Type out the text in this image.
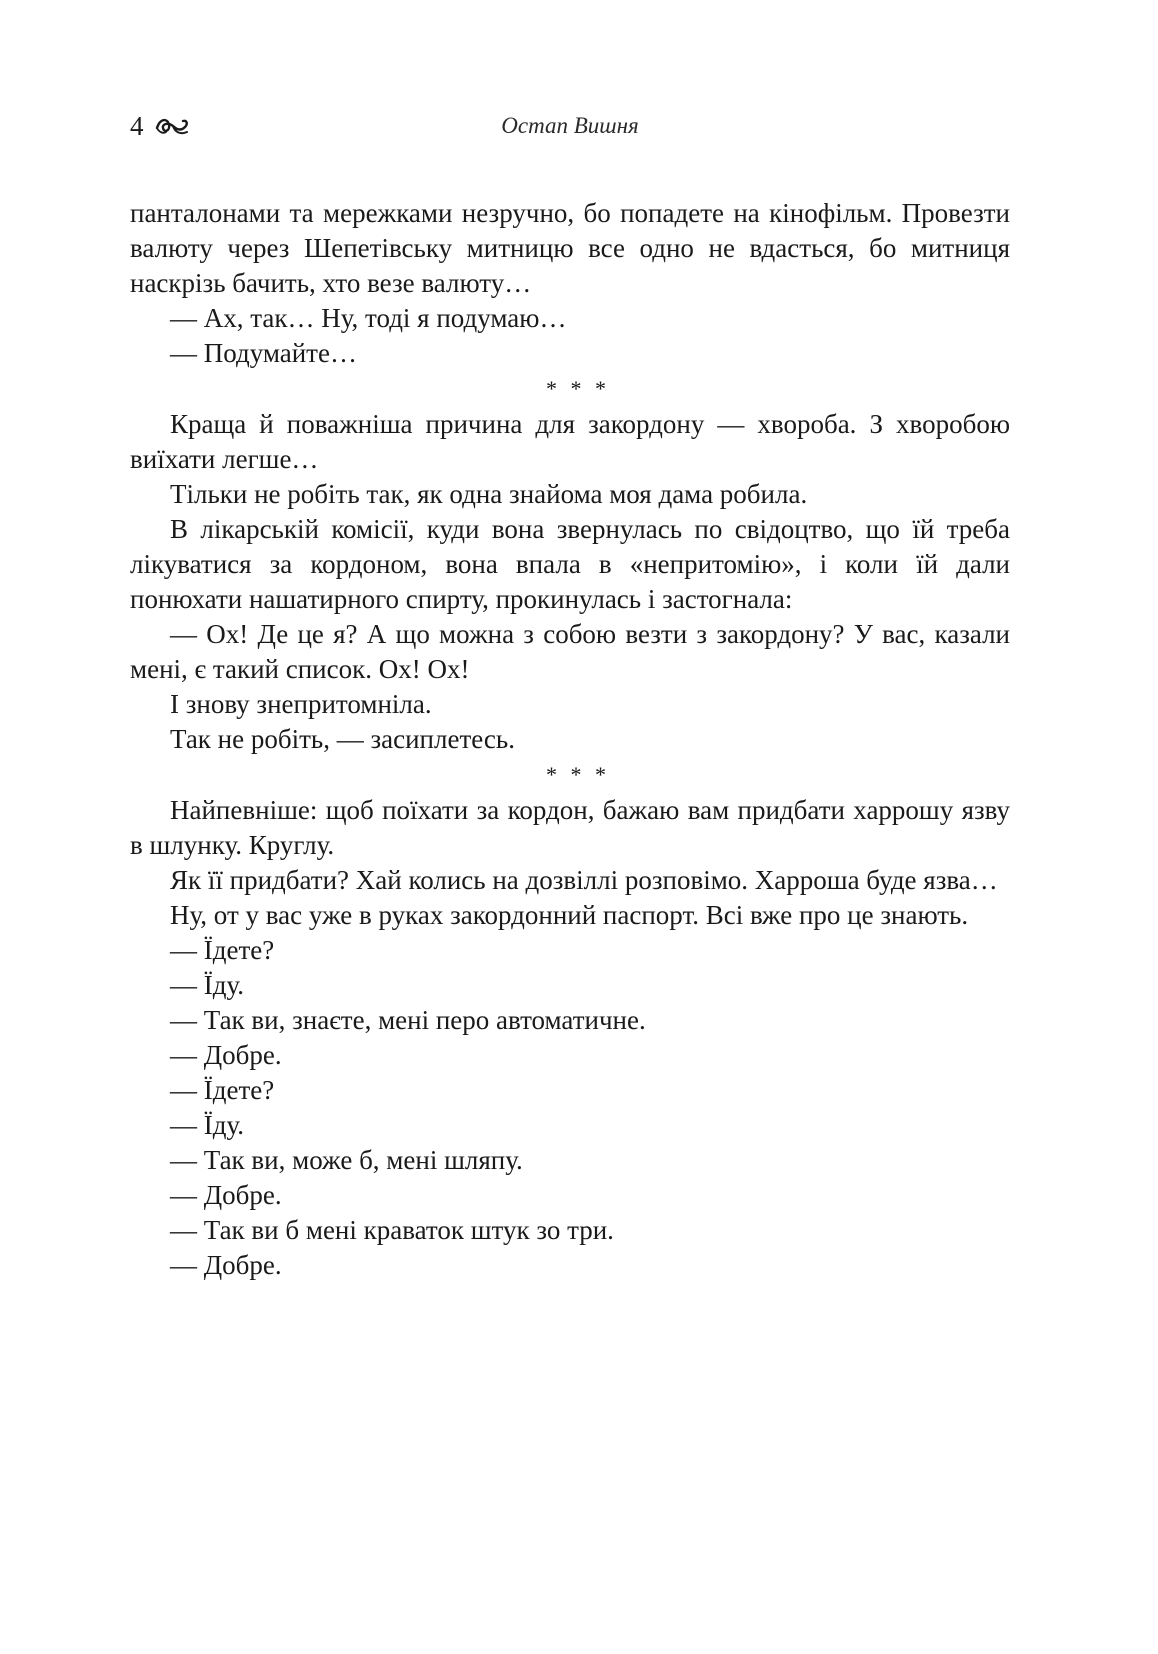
4	Остап Вишня

панталонами та мережками незручно, бо попадете на кінофільм. Провезти валюту через Шепетівську митницю все одно не вдасться, бо митниця наскрізь бачить, хто везе валюту…

— Ах, так… Ну, тоді я подумаю…

— Подумайте…

* * *

Краща й поважніша причина для закордону — хвороба. З хворобою виїхати легше…

Тільки не робіть так, як одна знайома моя дама робила.

В лікарській комісії, куди вона звернулась по свідоцтво, що їй треба лікуватися за кордоном, вона впала в «непритомію», і коли їй дали понюхати нашатирного спирту, прокинулась і застогнала:

— Ох! Де це я? А що можна з собою везти з закордону? У вас, казали мені, є такий список. Ох! Ох!

І знову знепритомніла.

Так не робіть, — засиплетесь.

* * *

Найпевніше: щоб поїхати за кордон, бажаю вам придбати харрошу язву в шлунку. Круглу.

Як її придбати? Хай колись на дозвіллі розповімо. Харроша буде язва…

Ну, от у вас уже в руках закордонний паспорт. Всі вже про це знають.

— Їдете?

— Їду.

— Так ви, знаєте, мені перо автоматичне.

— Добре.

— Їдете?

— Їду.

— Так ви, може б, мені шляпу.

— Добре.

— Так ви б мені краваток штук зо три.

— Добре.
